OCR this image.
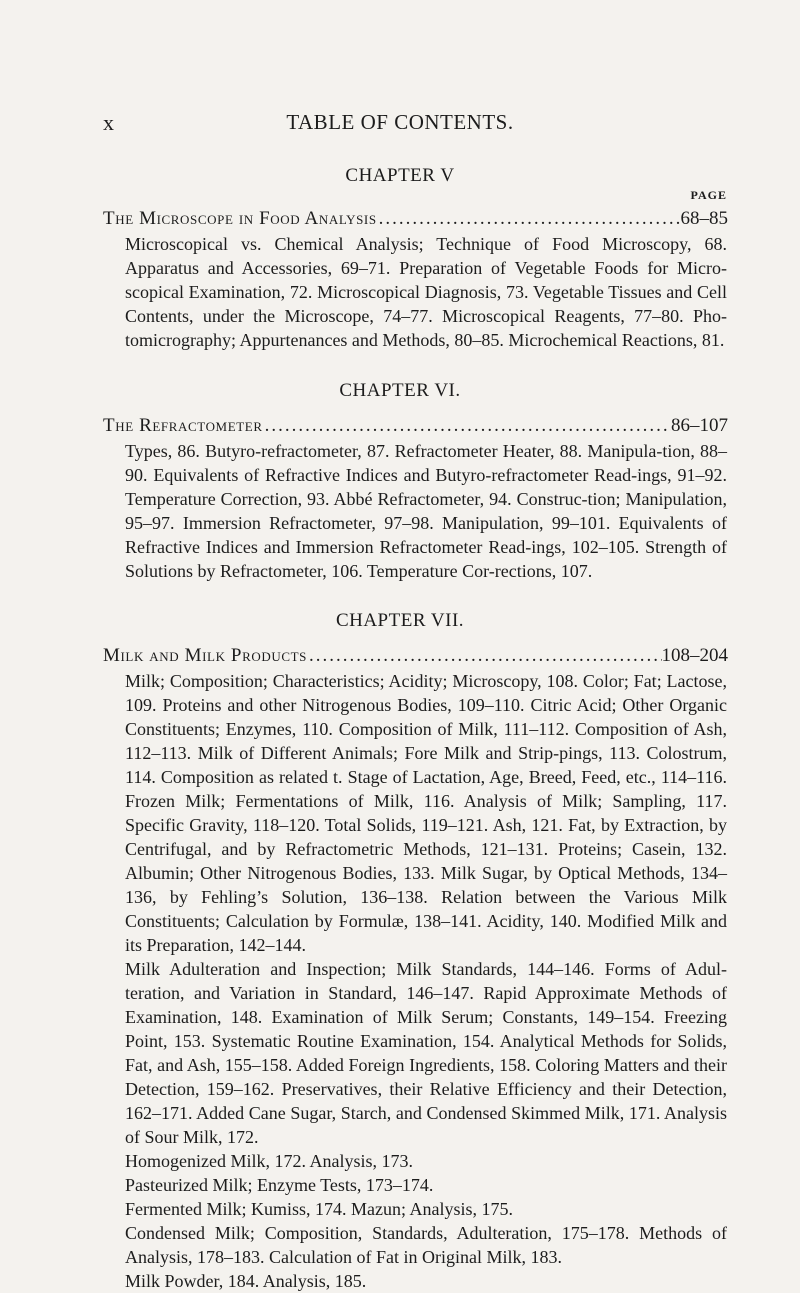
x	TABLE OF CONTENTS.
CHAPTER V
PAGE
The Microscope in Food Analysis .....	68–85

Microscopical vs. Chemical Analysis; Technique of Food Microscopy, 68. Apparatus and Accessories, 69–71. Preparation of Vegetable Foods for Micro-scopical Examination, 72. Microscopical Diagnosis, 73. Vegetable Tissues and Cell Contents, under the Microscope, 74–77. Microscopical Reagents, 77–80. Pho-tomicrography; Appurtenances and Methods, 80–85. Microchemical Reactions, 81.

CHAPTER VI.
The Refractometer .....	86–107

Types, 86. Butyro-refractometer, 87. Refractometer Heater, 88. Manipula-tion, 88–90. Equivalents of Refractive Indices and Butyro-refractometer Read-ings, 91–92. Temperature Correction, 93. Abbé Refractometer, 94. Construc-tion; Manipulation, 95–97. Immersion Refractometer, 97–98. Manipulation, 99–101. Equivalents of Refractive Indices and Immersion Refractometer Read-ings, 102–105. Strength of Solutions by Refractometer, 106. Temperature Cor-rections, 107.

CHAPTER VII.
Milk and Milk Products .....	108–204

Milk; Composition; Characteristics; Acidity; Microscopy, 108. Color; Fat; Lactose, 109. Proteins and other Nitrogenous Bodies, 109–110. Citric Acid; Other Organic Constituents; Enzymes, 110. Composition of Milk, 111–112. Composition of Ash, 112–113. Milk of Different Animals; Fore Milk and Strip-pings, 113. Colostrum, 114. Composition as related t. Stage of Lactation, Age, Breed, Feed, etc., 114–116. Frozen Milk; Fermentations of Milk, 116. Analysis of Milk; Sampling, 117. Specific Gravity, 118–120. Total Solids, 119–121. Ash, 121. Fat, by Extraction, by Centrifugal, and by Refractometric Methods, 121–131. Proteins; Casein, 132. Albumin; Other Nitrogenous Bodies, 133. Milk Sugar, by Optical Methods, 134–136, by Fehling’s Solution, 136–138. Relation between the Various Milk Constituents; Calculation by Formulæ, 138–141. Acidity, 140. Modified Milk and its Preparation, 142–144.

Milk Adulteration and Inspection; Milk Standards, 144–146. Forms of Adul-teration, and Variation in Standard, 146–147. Rapid Approximate Methods of Examination, 148. Examination of Milk Serum; Constants, 149–154. Freezing Point, 153. Systematic Routine Examination, 154. Analytical Methods for Solids, Fat, and Ash, 155–158. Added Foreign Ingredients, 158. Coloring Matters and their Detection, 159–162. Preservatives, their Relative Efficiency and their Detection, 162–171. Added Cane Sugar, Starch, and Condensed Skimmed Milk, 171. Analysis of Sour Milk, 172.

Homogenized Milk, 172. Analysis, 173.

Pasteurized Milk; Enzyme Tests, 173–174.

Fermented Milk; Kumiss, 174. Mazun; Analysis, 175.

Condensed Milk; Composition, Standards, Adulteration, 175–178. Methods of Analysis, 178–183. Calculation of Fat in Original Milk, 183.

Milk Powder, 184. Analysis, 185.
